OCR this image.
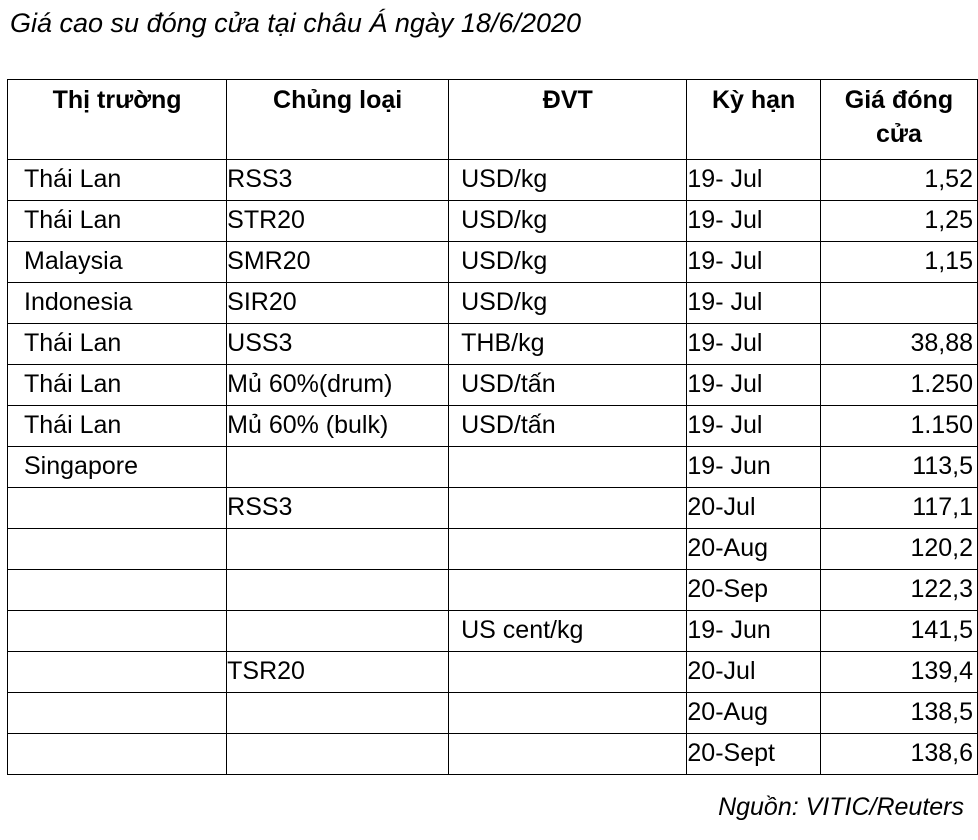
Giá cao su đóng cửa tại châu Á ngày 18/6/2020
Thị trường	Chủng loại	ĐVT	Kỳ hạn	Giá đóng cửa
Thái Lan	RSS3	USD/kg	19- Jul	1,52
Thái Lan	STR20	USD/kg	19- Jul	1,25
Malaysia	SMR20	USD/kg	19- Jul	1,15
Indonesia	SIR20	USD/kg	19- Jul	
Thái Lan	USS3	THB/kg	19- Jul	38,88
Thái Lan	Mủ 60%(drum)	USD/tấn	19- Jul	1.250
Thái Lan	Mủ 60% (bulk)	USD/tấn	19- Jul	1.150
Singapore			19- Jun	113,5
	RSS3		20-Jul	117,1
			20-Aug	120,2
			20-Sep	122,3
		US cent/kg	19- Jun	141,5
	TSR20		20-Jul	139,4
			20-Aug	138,5
			20-Sept	138,6
Nguồn: VITIC/Reuters
